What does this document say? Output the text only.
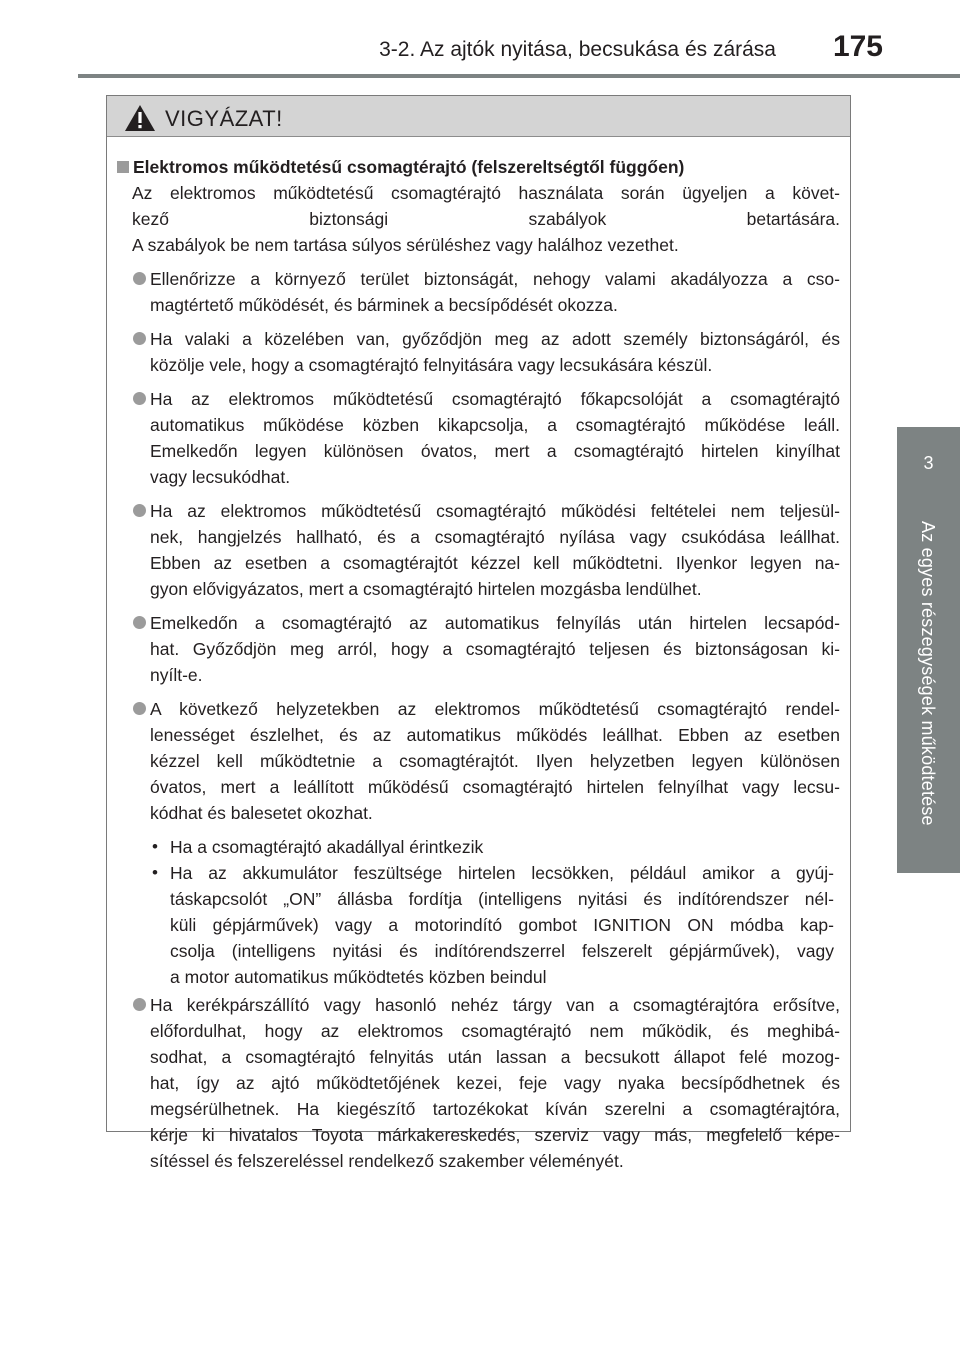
3-2. Az ajtók nyitása, becsukása és zárása 175
3
Az egyes részegységek működtetése
VIGYÁZAT!
Elektromos működtetésű csomagtérajtó (felszereltségtől függően)
Az elektromos működtetésű csomagtérajtó használata során ügyeljen a követ-
kező biztonsági szabályok betartására.
A szabályok be nem tartása súlyos sérüléshez vagy halálhoz vezethet.
Ellenőrizze a környező terület biztonságát, nehogy valami akadályozza a cso-
magtértető működését, és bárminek a becsípődését okozza.
Ha valaki a közelében van, győződjön meg az adott személy biztonságáról, és
közölje vele, hogy a csomagtérajtó felnyitására vagy lecsukására készül.
Ha az elektromos működtetésű csomagtérajtó főkapcsolóját a csomagtérajtó
automatikus működése közben kikapcsolja, a csomagtérajtó működése leáll.
Emelkedőn legyen különösen óvatos, mert a csomagtérajtó hirtelen kinyílhat
vagy lecsukódhat.
Ha az elektromos működtetésű csomagtérajtó működési feltételei nem teljesül-
nek, hangjelzés hallható, és a csomagtérajtó nyílása vagy csukódása leállhat.
Ebben az esetben a csomagtérajtót kézzel kell működtetni. Ilyenkor legyen na-
gyon elővigyázatos, mert a csomagtérajtó hirtelen mozgásba lendülhet.
Emelkedőn a csomagtérajtó az automatikus felnyílás után hirtelen lecsapód-
hat. Győződjön meg arról, hogy a csomagtérajtó teljesen és biztonságosan ki-
nyílt-e.
A következő helyzetekben az elektromos működtetésű csomagtérajtó rendel-
lenességet észlelhet, és az automatikus működés leállhat. Ebben az esetben
kézzel kell működtetnie a csomagtérajtót. Ilyen helyzetben legyen különösen
óvatos, mert a leállított működésű csomagtérajtó hirtelen felnyílhat vagy lecsu-
kódhat és balesetet okozhat.
• Ha a csomagtérajtó akadállyal érintkezik
• Ha az akkumulátor feszültsége hirtelen lecsökken, például amikor a gyúj-
táskapcsolót „ON” állásba fordítja (intelligens nyitási és indítórendszer nél-
küli gépjárművek) vagy a motorindító gombot IGNITION ON módba kap-
csolja (intelligens nyitási és indítórendszerrel felszerelt gépjárművek), vagy
a motor automatikus működtetés közben beindul
Ha kerékpárszállító vagy hasonló nehéz tárgy van a csomagtérajtóra erősítve,
előfordulhat, hogy az elektromos csomagtérajtó nem működik, és meghibá-
sodhat, a csomagtérajtó felnyitás után lassan a becsukott állapot felé mozog-
hat, így az ajtó működtetőjének kezei, feje vagy nyaka becsípődhetnek és
megsérülhetnek. Ha kiegészítő tartozékokat kíván szerelni a csomagtérajtóra,
kérje ki hivatalos Toyota márkakereskedés, szerviz vagy más, megfelelő képe-
sítéssel és felszereléssel rendelkező szakember véleményét.
